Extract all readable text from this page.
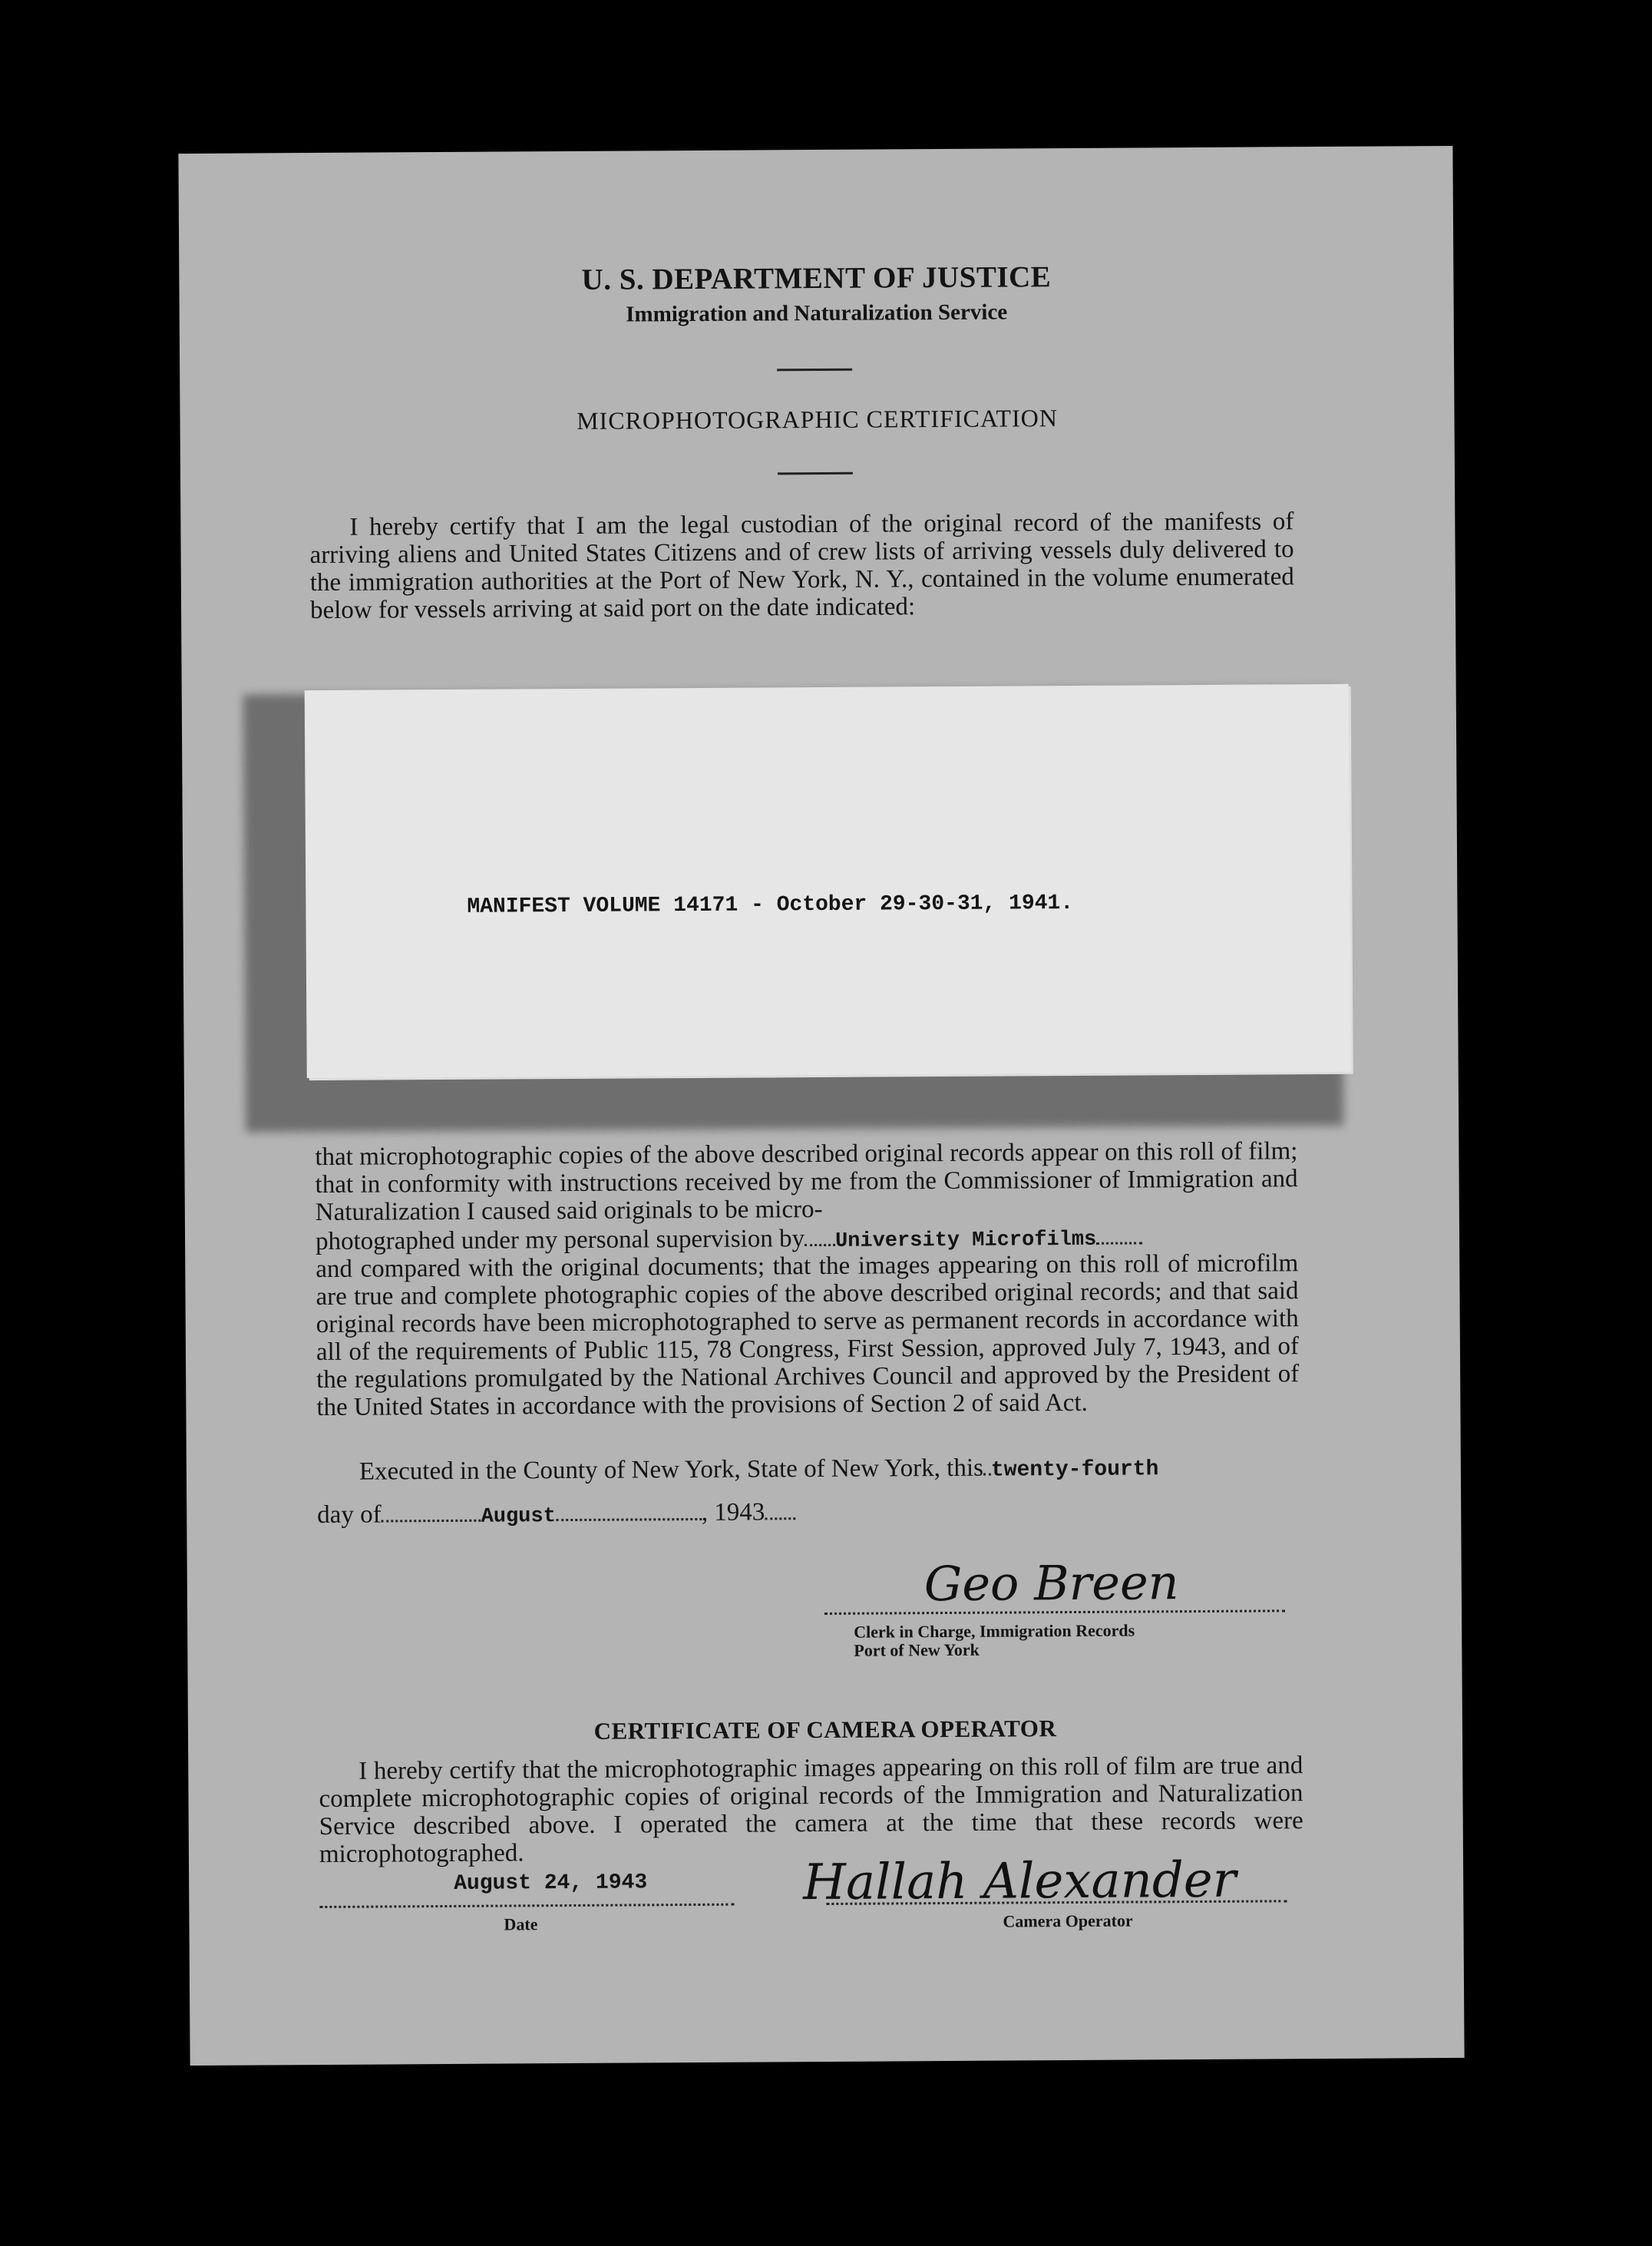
U. S. DEPARTMENT OF JUSTICE
Immigration and Naturalization Service
MICROPHOTOGRAPHIC CERTIFICATION
I hereby certify that I am the legal custodian of the original record of the manifests of arriving aliens and United States Citizens and of crew lists of arriving vessels duly delivered to the immigration authorities at the Port of New York, N. Y., contained in the volume enumerated below for vessels arriving at said port on the date indicated:
MANIFEST VOLUME 14171 - October 29-30-31, 1941.
that microphotographic copies of the above described original records appear on this roll of film; that in conformity with instructions received by me from the Commissioner of Immigration and Naturalization I caused said originals to be micro-
photographed under my personal supervision by University Microfilms
and compared with the original documents; that the images appearing on this roll of microfilm are true and complete photographic copies of the above described original records; and that said original records have been microphotographed to serve as permanent records in accordance with all of the requirements of Public 115, 78 Congress, First Session, approved July 7, 1943, and of the regulations promulgated by the National Archives Council and approved by the President of the United States in accordance with the provisions of Section 2 of said Act.
Executed in the County of New York, State of New York, this twenty-fourth
day of	August	, 1943
Geo Breen
Clerk in Charge, Immigration Records
Port of New York
CERTIFICATE OF CAMERA OPERATOR
I hereby certify that the microphotographic images appearing on this roll of film are true and complete microphotographic copies of original records of the Immigration and Naturalization Service described above. I operated the camera at the time that these records were microphotographed.
August 24, 1943
Date
Hallah Alexander
Camera Operator
